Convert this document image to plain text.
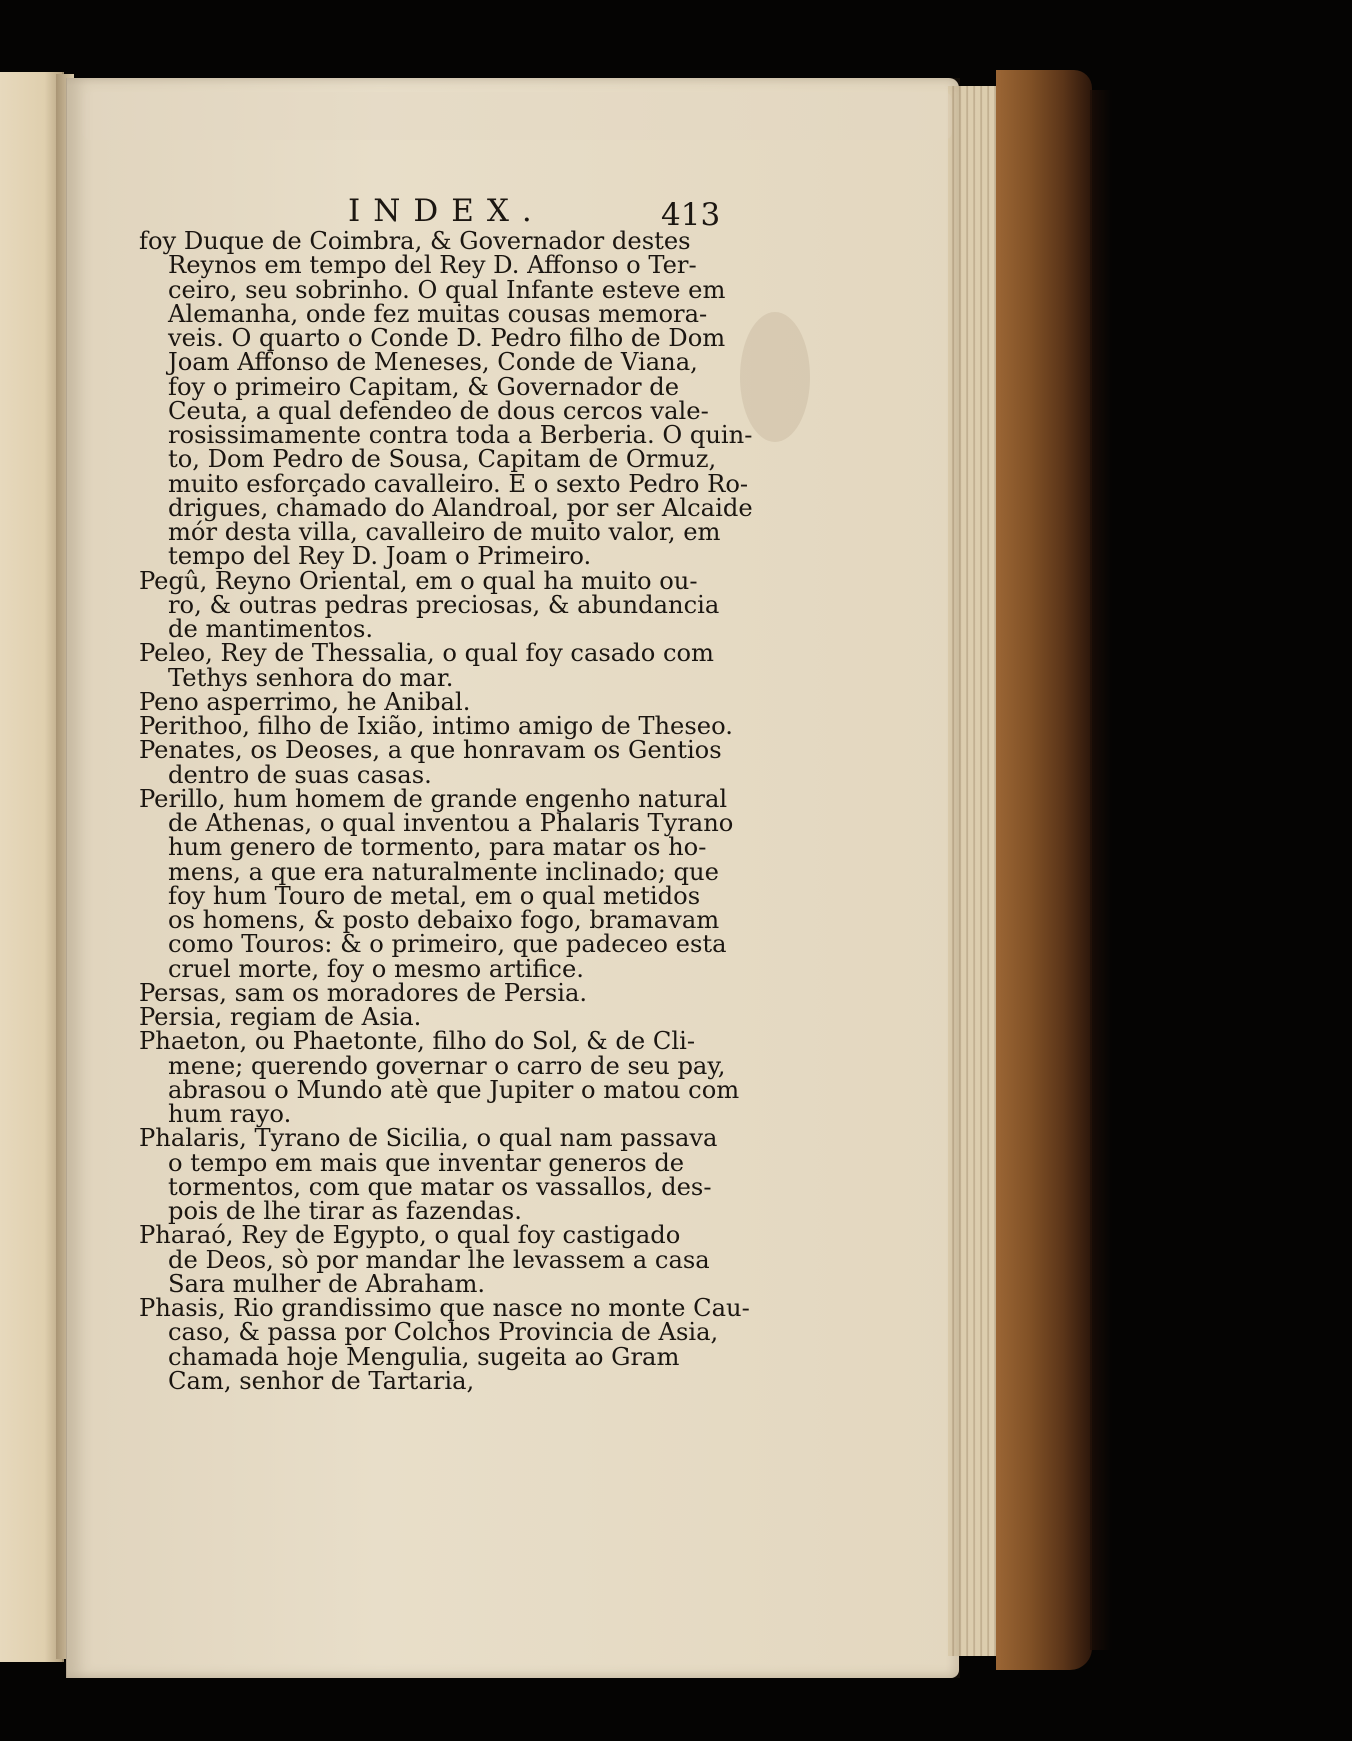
INDEX.	413
foy Duque de Coimbra, & Governador destes
Reynos em tempo del Rey D. Affonso o Ter-
ceiro, seu sobrinho. O qual Infante esteve em
Alemanha, onde fez muitas cousas memora-
veis. O quarto o Conde D. Pedro filho de Dom
Joam Affonso de Meneses, Conde de Viana,
foy o primeiro Capitam, & Governador de
Ceuta, a qual defendeo de dous cercos vale-
rosissimamente contra toda a Berberia. O quin-
to, Dom Pedro de Sousa, Capitam de Ormuz,
muito esforçado cavalleiro. E o sexto Pedro Ro-
drigues, chamado do Alandroal, por ser Alcaide
mór desta villa, cavalleiro de muito valor, em
tempo del Rey D. Joam o Primeiro.
Pegû, Reyno Oriental, em o qual ha muito ou-
ro, & outras pedras preciosas, & abundancia
de mantimentos.
Peleo, Rey de Thessalia, o qual foy casado com
Tethys senhora do mar.
Peno asperrimo, he Anibal.
Perithoo, filho de Ixião, intimo amigo de Theseo.
Penates, os Deoses, a que honravam os Gentios
dentro de suas casas.
Perillo, hum homem de grande engenho natural
de Athenas, o qual inventou a Phalaris Tyrano
hum genero de tormento, para matar os ho-
mens, a que era naturalmente inclinado; que
foy hum Touro de metal, em o qual metidos
os homens, & posto debaixo fogo, bramavam
como Touros: & o primeiro, que padeceo esta
cruel morte, foy o mesmo artifice.
Persas, sam os moradores de Persia.
Persia, regiam de Asia.
Phaeton, ou Phaetonte, filho do Sol, & de Cli-
mene; querendo governar o carro de seu pay,
abrasou o Mundo atè que Jupiter o matou com
hum rayo.
Phalaris, Tyrano de Sicilia, o qual nam passava
o tempo em mais que inventar generos de
tormentos, com que matar os vassallos, des-
pois de lhe tirar as fazendas.
Pharaó, Rey de Egypto, o qual foy castigado
de Deos, sò por mandar lhe levassem a casa
Sara mulher de Abraham.
Phasis, Rio grandissimo que nasce no monte Cau-
caso, & passa por Colchos Provincia de Asia,
chamada hoje Mengulia, sugeita ao Gram
Cam, senhor de Tartaria,
